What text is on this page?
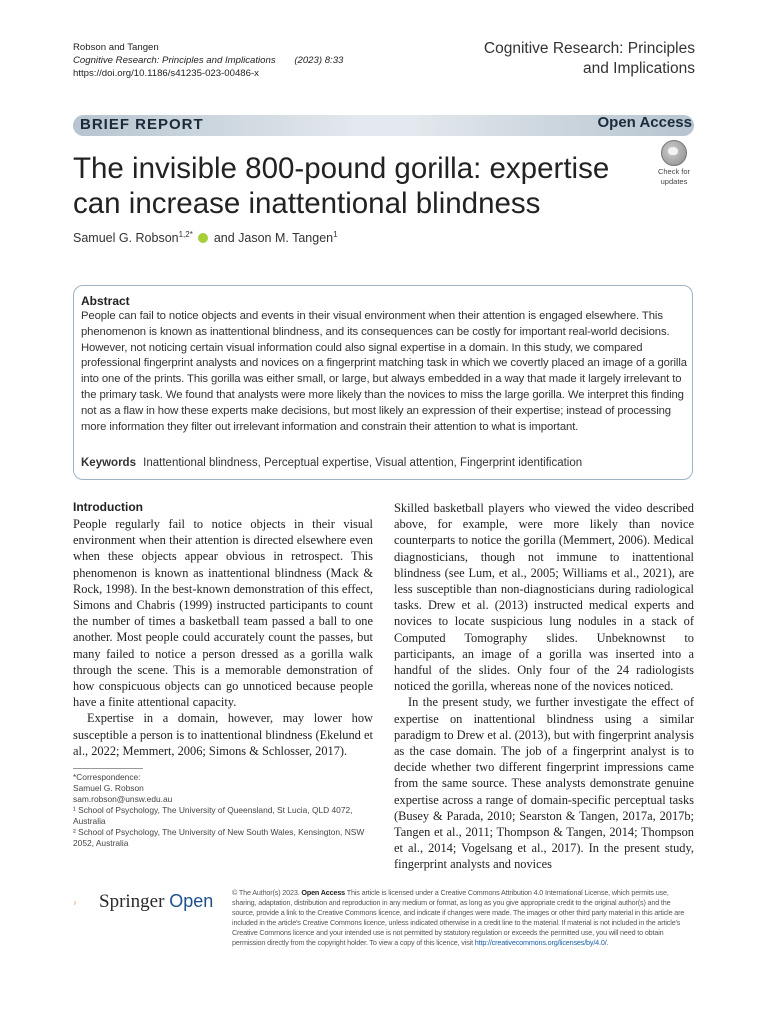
Robson and Tangen
Cognitive Research: Principles and Implications (2023) 8:33
https://doi.org/10.1186/s41235-023-00486-x
Cognitive Research: Principles
and Implications
BRIEF REPORT	Open Access
The invisible 800-pound gorilla: expertise can increase inattentional blindness
Check for
updates
Samuel G. Robson$^{1,2*}$ and Jason M. Tangen$^1$
Abstract
People can fail to notice objects and events in their visual environment when their attention is engaged elsewhere. This phenomenon is known as inattentional blindness, and its consequences can be costly for important real-world decisions. However, not noticing certain visual information could also signal expertise in a domain. In this study, we compared professional fingerprint analysts and novices on a fingerprint matching task in which we covertly placed an image of a gorilla into one of the prints. This gorilla was either small, or large, but always embedded in a way that made it largely irrelevant to the primary task. We found that analysts were more likely than the novices to miss the large gorilla. We interpret this finding not as a flaw in how these experts make decisions, but most likely an expression of their expertise; instead of processing more information they filter out irrelevant information and constrain their attention to what is important.
Keywords Inattentional blindness, Perceptual expertise, Visual attention, Fingerprint identification
Introduction

People regularly fail to notice objects in their visual environment when their attention is directed elsewhere even when these objects appear obvious in retrospect. This phenomenon is known as inattentional blindness (Mack & Rock, 1998). In the best-known demonstration of this effect, Simons and Chabris (1999) instructed participants to count the number of times a basketball team passed a ball to one another. Most people could accurately count the passes, but many failed to notice a person dressed as a gorilla walk through the scene. This is a memorable demonstration of how conspicuous objects can go unnoticed because people have a finite attentional capacity.

Expertise in a domain, however, may lower how susceptible a person is to inattentional blindness (Ekelund et al., 2022; Memmert, 2006; Simons & Schlosser, 2017).

Skilled basketball players who viewed the video described above, for example, were more likely than novice counterparts to notice the gorilla (Memmert, 2006). Medical diagnosticians, though not immune to inattentional blindness (see Lum, et al., 2005; Williams et al., 2021), are less susceptible than non-diagnosticians during radiological tasks. Drew et al. (2013) instructed medical experts and novices to locate suspicious lung nodules in a stack of Computed Tomography slides. Unbeknownst to participants, an image of a gorilla was inserted into a handful of the slides. Only four of the 24 radiologists noticed the gorilla, whereas none of the novices noticed.

In the present study, we further investigate the effect of expertise on inattentional blindness using a similar paradigm to Drew et al. (2013), but with fingerprint analysis as the case domain. The job of a fingerprint analyst is to decide whether two different fingerprint impressions came from the same source. These analysts demonstrate genuine expertise across a range of domain-specific perceptual tasks (Busey & Parada, 2010; Searston & Tangen, 2017a, 2017b; Tangen et al., 2011; Thompson & Tangen, 2014; Thompson et al., 2014; Vogelsang et al., 2017). In the present study, fingerprint analysts and novices

*Correspondence:
Samuel G. Robson
sam.robson@unsw.edu.au
¹ School of Psychology, The University of Queensland, St Lucia, QLD 4072, Australia
² School of Psychology, The University of New South Wales, Kensington, NSW 2052, Australia
Springer Open	© The Author(s) 2023. Open Access This article is licensed under a Creative Commons Attribution 4.0 International License, which permits use, sharing, adaptation, distribution and reproduction in any medium or format, as long as you give appropriate credit to the original author(s) and the source, provide a link to the Creative Commons licence, and indicate if changes were made. The images or other third party material in this article are included in the article's Creative Commons licence, unless indicated otherwise in a credit line to the material. If material is not included in the article's Creative Commons licence and your intended use is not permitted by statutory regulation or exceeds the permitted use, you will need to obtain permission directly from the copyright holder. To view a copy of this licence, visit http://creativecommons.org/licenses/by/4.0/.
